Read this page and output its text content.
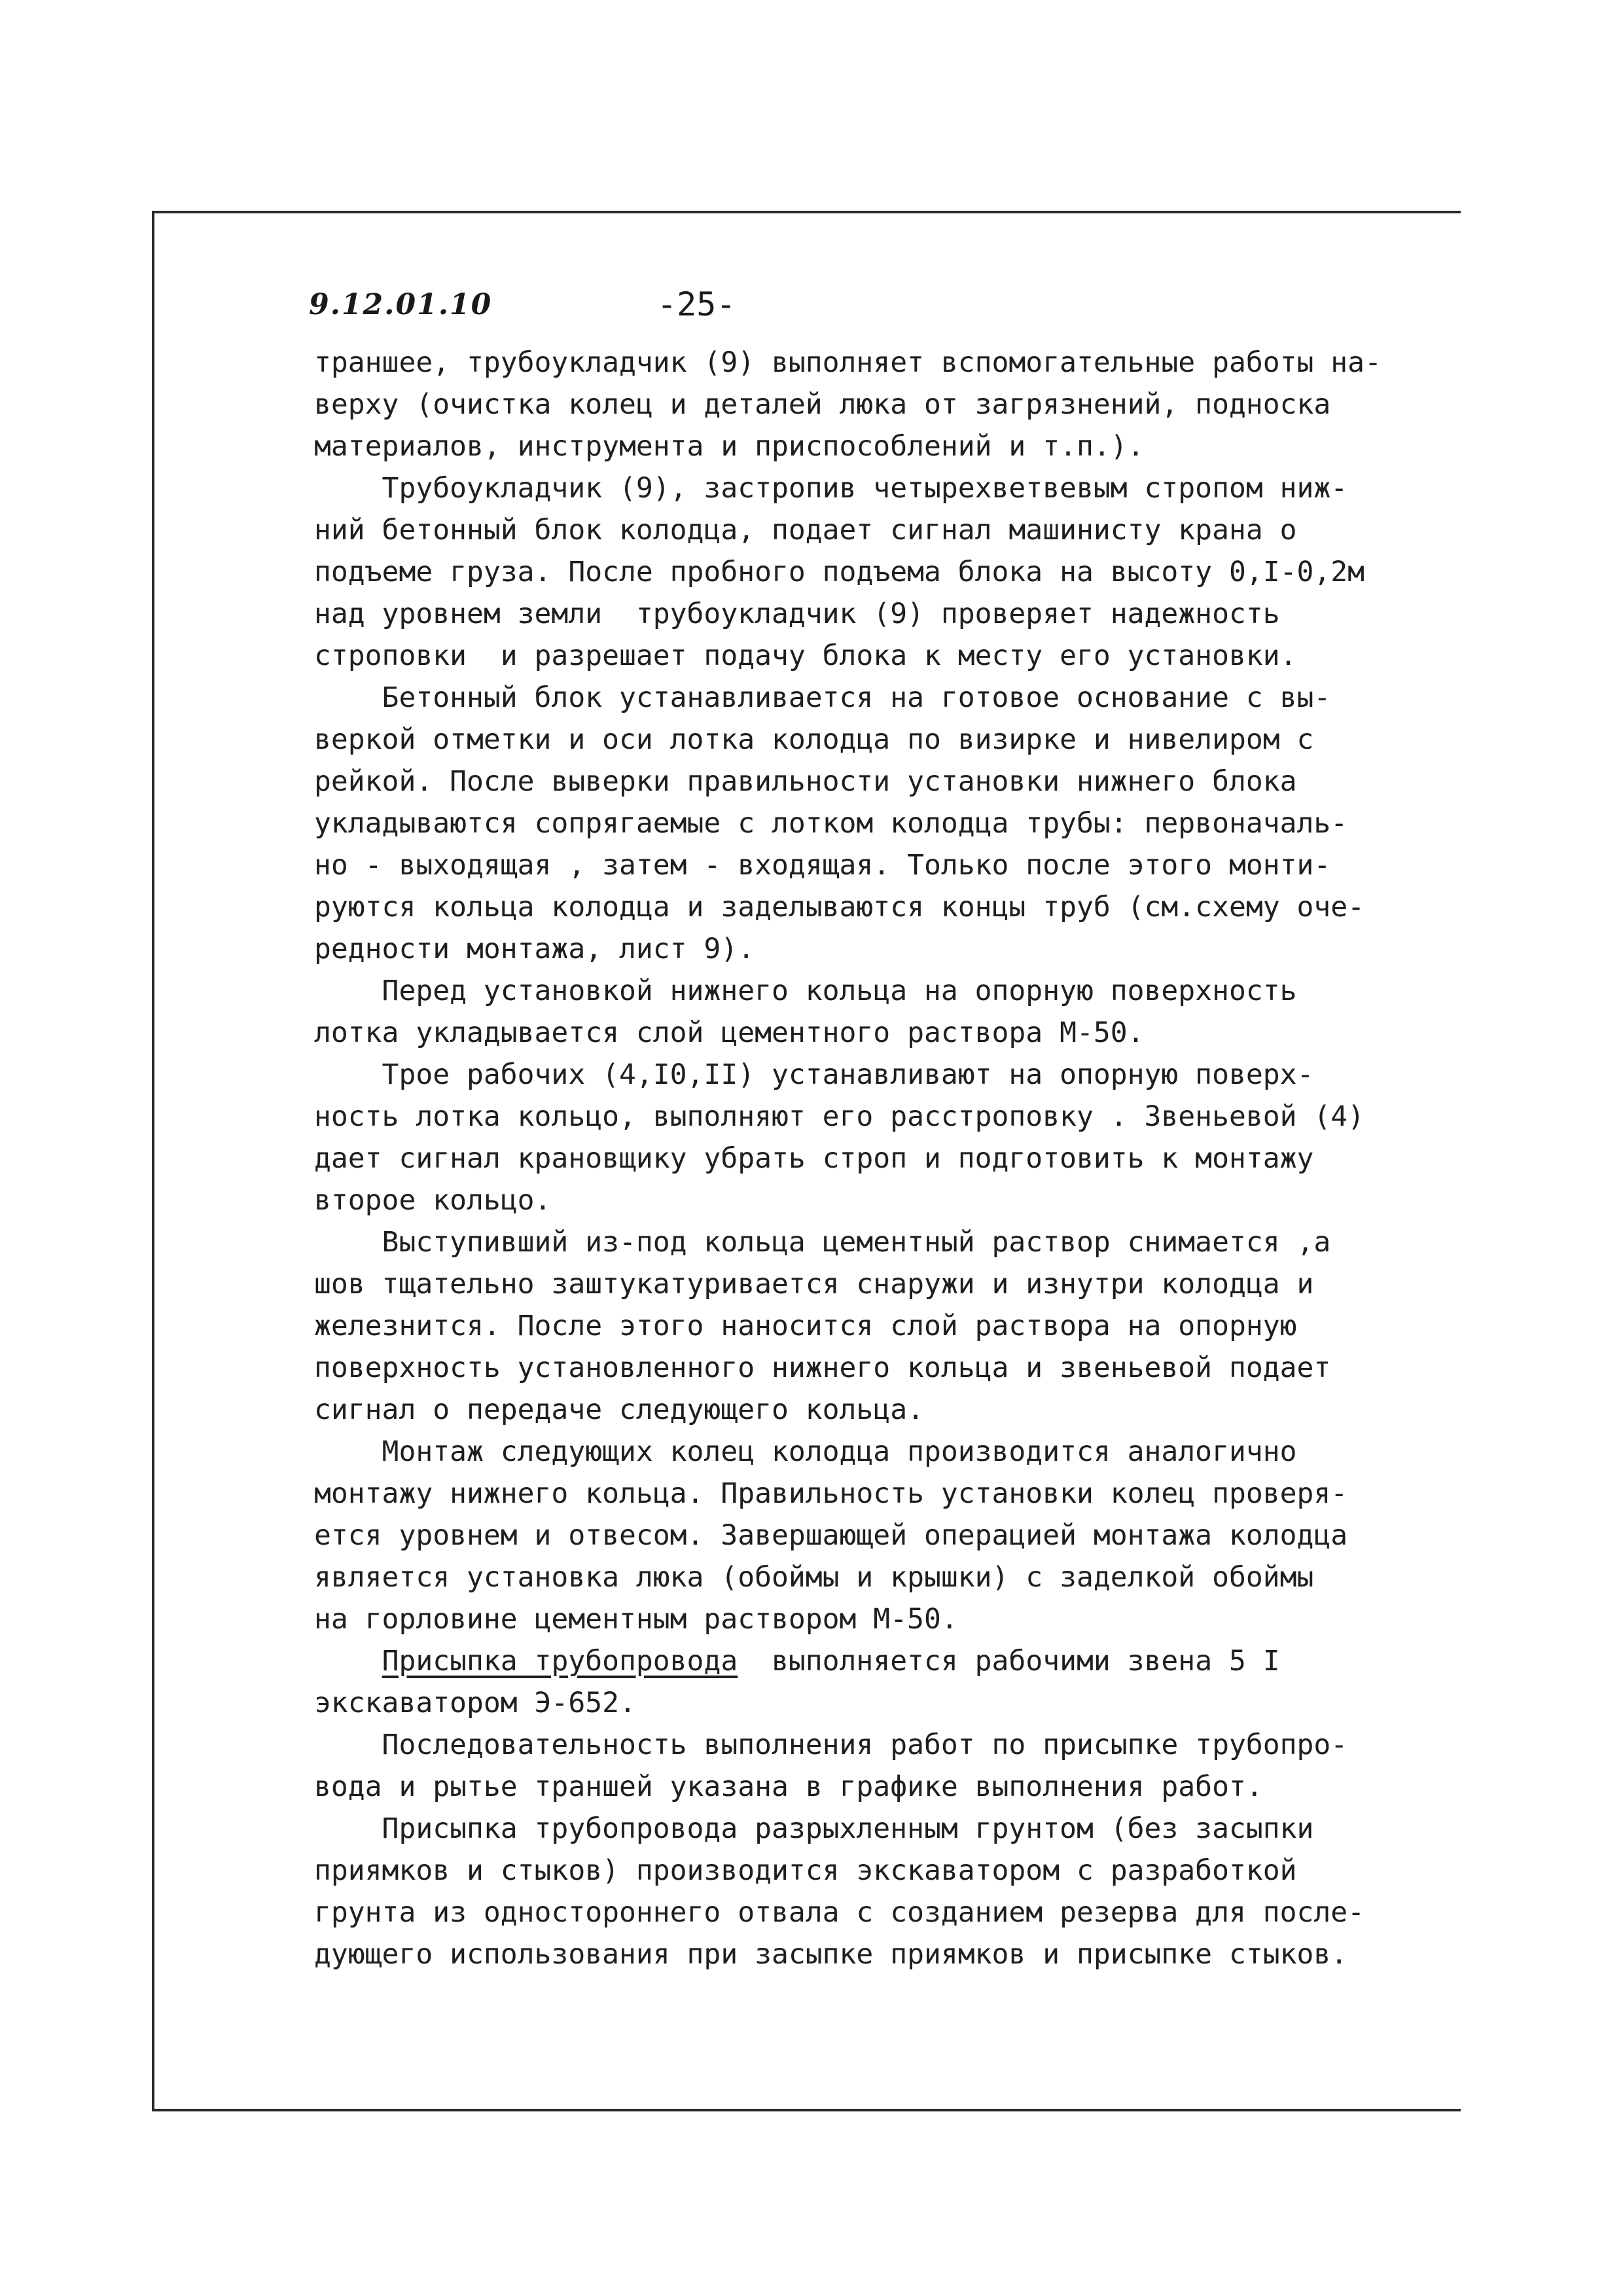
9.12.01.10	-25-
траншее, трубоукладчик (9) выполняет вспомогательные работы на-
верху (очистка колец и деталей люка от загрязнений, подноска
материалов, инструмента и приспособлений и т.п.).
Трубоукладчик (9), застропив четырехветвевым стропом ниж-
ний бетонный блок колодца, подает сигнал машинисту крана о
подъеме груза. После пробного подъема блока на высоту 0,I-0,2м
над уровнем земли  трубоукладчик (9) проверяет надежность
строповки  и разрешает подачу блока к месту его установки.
Бетонный блок устанавливается на готовое основание с вы-
веркой отметки и оси лотка колодца по визирке и нивелиром с
рейкой. После выверки правильности установки нижнего блока
укладываются сопрягаемые с лотком колодца трубы: первоначаль-
но - выходящая , затем - входящая. Только после этого монти-
руются кольца колодца и заделываются концы труб (см.схему оче-
редности монтажа, лист 9).
Перед установкой нижнего кольца на опорную поверхность
лотка укладывается слой цементного раствора М-50.
Трое рабочих (4,I0,II) устанавливают на опорную поверх-
ность лотка кольцо, выполняют его расстроповку . Звеньевой (4)
дает сигнал крановщику убрать строп и подготовить к монтажу
второе кольцо.
Выступивший из-под кольца цементный раствор снимается ,а
шов тщательно заштукатуривается снаружи и изнутри колодца и
железнится. После этого наносится слой раствора на опорную
поверхность установленного нижнего кольца и звеньевой подает
сигнал о передаче следующего кольца.
Монтаж следующих колец колодца производится аналогично
монтажу нижнего кольца. Правильность установки колец проверя-
ется уровнем и отвесом. Завершающей операцией монтажа колодца
является установка люка (обоймы и крышки) с заделкой обоймы
на горловине цементным раствором М-50.
Присыпка трубопровода  выполняется рабочими звена 5 I
экскаватором Э-652.
Последовательность выполнения работ по присыпке трубопро-
вода и рытье траншей указана в графике выполнения работ.
Присыпка трубопровода разрыхленным грунтом (без засыпки
приямков и стыков) производится экскаватором с разработкой
грунта из одностороннего отвала с созданием резерва для после-
дующего использования при засыпке приямков и присыпке стыков.
